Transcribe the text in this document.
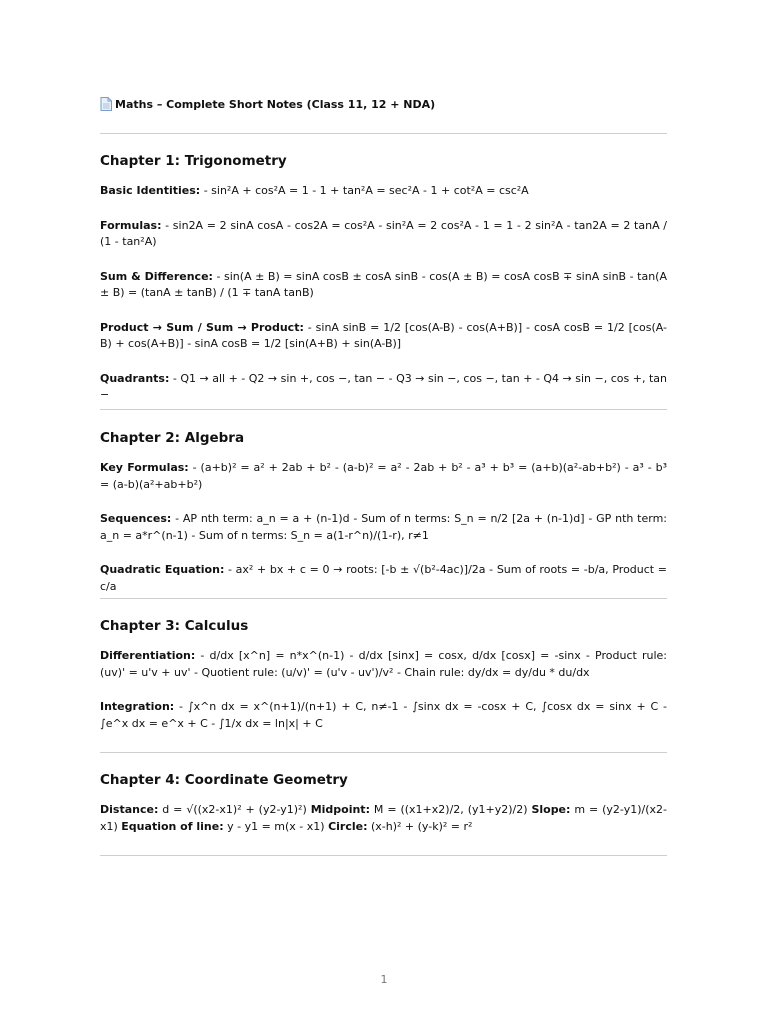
Maths – Complete Short Notes (Class 11, 12 + NDA)
Chapter 1: Trigonometry

Basic Identities: - sin²A + cos²A = 1 - 1 + tan²A = sec²A - 1 + cot²A = csc²A

Formulas: - sin2A = 2 sinA cosA - cos2A = cos²A - sin²A = 2 cos²A - 1 = 1 - 2 sin²A - tan2A = 2 tanA / (1 - tan²A)

Sum & Difference: - sin(A ± B) = sinA cosB ± cosA sinB - cos(A ± B) = cosA cosB ∓ sinA sinB - tan(A ± B) = (tanA ± tanB) / (1 ∓ tanA tanB)

Product → Sum / Sum → Product: - sinA sinB = 1/2 [cos(A-B) - cos(A+B)] - cosA cosB = 1/2 [cos(A-B) + cos(A+B)] - sinA cosB = 1/2 [sin(A+B) + sin(A-B)]

Quadrants: - Q1 → all + - Q2 → sin +, cos −, tan − - Q3 → sin −, cos −, tan + - Q4 → sin −, cos +, tan −

Chapter 2: Algebra

Key Formulas: - (a+b)² = a² + 2ab + b² - (a-b)² = a² - 2ab + b² - a³ + b³ = (a+b)(a²-ab+b²) - a³ - b³ = (a-b)(a²+ab+b²)

Sequences: - AP nth term: a_n = a + (n-1)d - Sum of n terms: S_n = n/2 [2a + (n-1)d] - GP nth term: a_n = a*r^(n-1) - Sum of n terms: S_n = a(1-r^n)/(1-r), r≠1

Quadratic Equation: - ax² + bx + c = 0 → roots: [-b ± √(b²-4ac)]/2a - Sum of roots = -b/a, Product = c/a

Chapter 3: Calculus

Differentiation: - d/dx [x^n] = n*x^(n-1) - d/dx [sinx] = cosx, d/dx [cosx] = -sinx - Product rule: (uv)' = u'v + uv' - Quotient rule: (u/v)' = (u'v - uv')/v² - Chain rule: dy/dx = dy/du * du/dx

Integration: - ∫x^n dx = x^(n+1)/(n+1) + C, n≠-1 - ∫sinx dx = -cosx + C, ∫cosx dx = sinx + C - ∫e^x dx = e^x + C - ∫1/x dx = ln|x| + C

Chapter 4: Coordinate Geometry

Distance: d = √((x2-x1)² + (y2-y1)²) Midpoint: M = ((x1+x2)/2, (y1+y2)/2) Slope: m = (y2-y1)/(x2-x1) Equation of line: y - y1 = m(x - x1) Circle: (x-h)² + (y-k)² = r²

1
